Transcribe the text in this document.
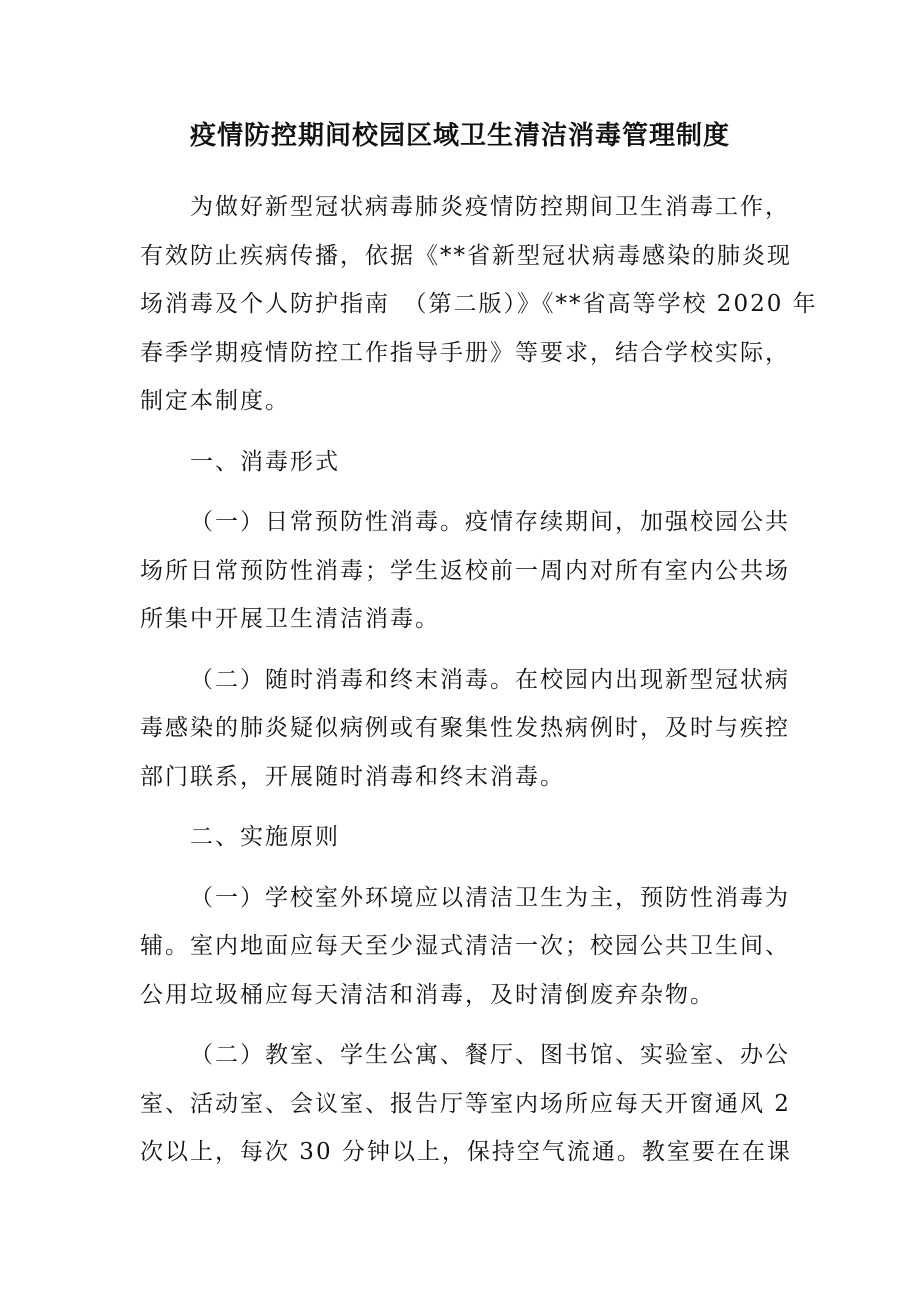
疫情防控期间校园区域卫生清洁消毒管理制度

为做好新型冠状病毒肺炎疫情防控期间卫生消毒工作，
有效防止疾病传播，依据《**省新型冠状病毒感染的肺炎现
场消毒及个人防护指南　（第二版）》《**省高等学校 2020 年
春季学期疫情防控工作指导手册》等要求，结合学校实际，
制定本制度。

一、消毒形式

（一）日常预防性消毒。疫情存续期间，加强校园公共
场所日常预防性消毒；学生返校前一周内对所有室内公共场
所集中开展卫生清洁消毒。

（二）随时消毒和终末消毒。在校园内出现新型冠状病
毒感染的肺炎疑似病例或有聚集性发热病例时，及时与疾控
部门联系，开展随时消毒和终末消毒。

二、实施原则

（一）学校室外环境应以清洁卫生为主，预防性消毒为
辅。室内地面应每天至少湿式清洁一次；校园公共卫生间、
公用垃圾桶应每天清洁和消毒，及时清倒废弃杂物。

（二）教室、学生公寓、餐厅、图书馆、实验室、办公
室、活动室、会议室、报告厅等室内场所应每天开窗通风 2
次以上，每次 30 分钟以上，保持空气流通。教室要在在课
